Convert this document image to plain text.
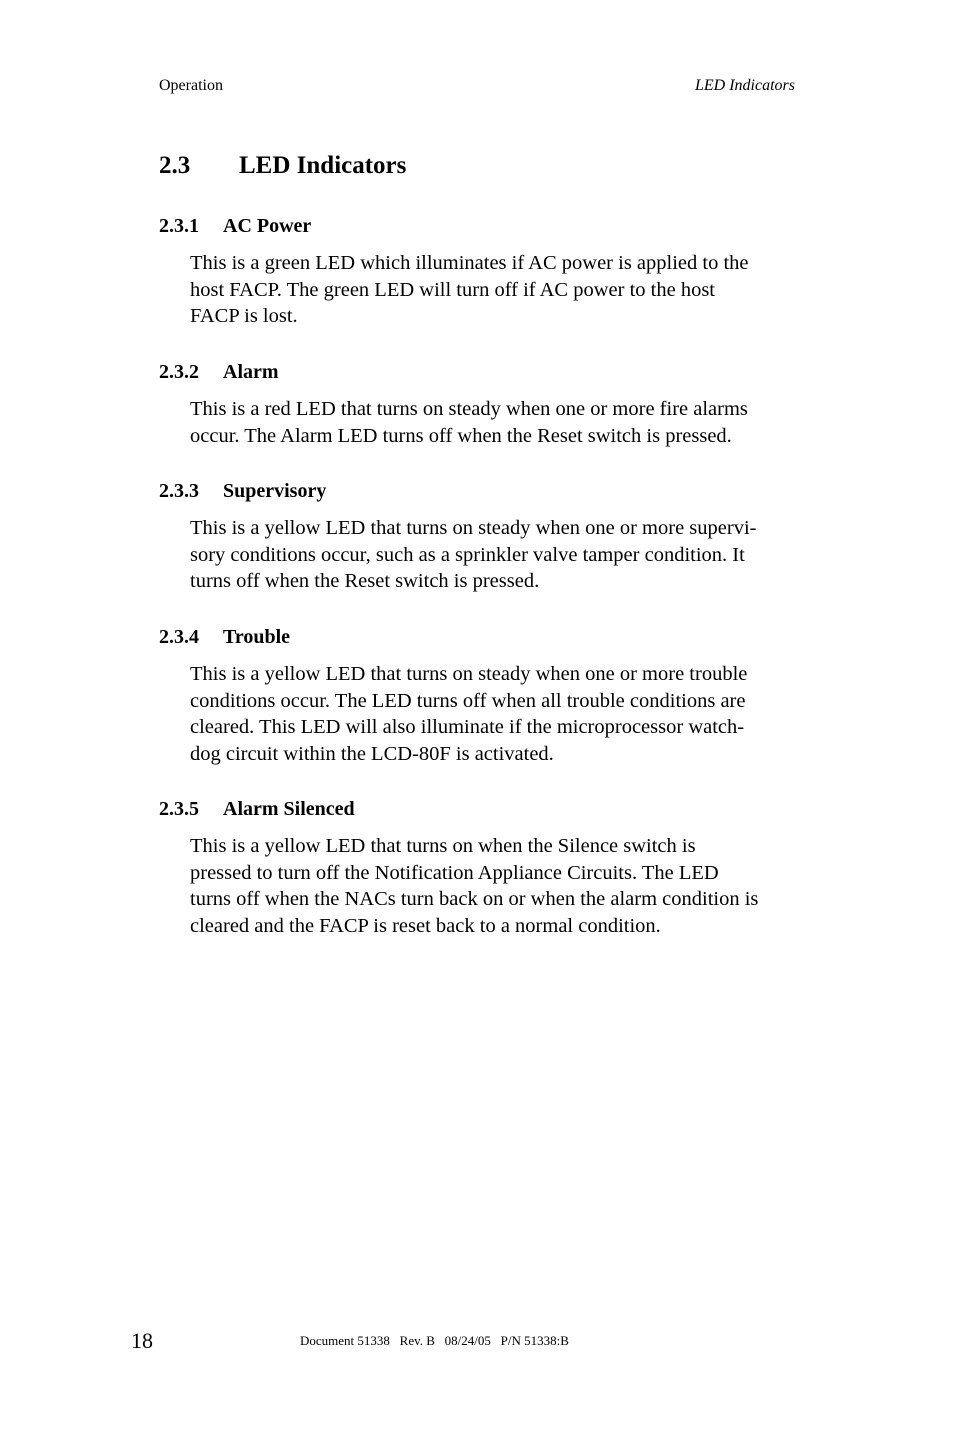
Operation	LED Indicators

2.3 LED Indicators
2.3.1 AC Power
This is a green LED which illuminates if AC power is applied to the
host FACP. The green LED will turn off if AC power to the host
FACP is lost.
2.3.2 Alarm
This is a red LED that turns on steady when one or more fire alarms
occur. The Alarm LED turns off when the Reset switch is pressed.
2.3.3 Supervisory
This is a yellow LED that turns on steady when one or more supervi-
sory conditions occur, such as a sprinkler valve tamper condition. It
turns off when the Reset switch is pressed.
2.3.4 Trouble
This is a yellow LED that turns on steady when one or more trouble
conditions occur. The LED turns off when all trouble conditions are
cleared. This LED will also illuminate if the microprocessor watch-
dog circuit within the LCD-80F is activated.
2.3.5 Alarm Silenced
This is a yellow LED that turns on when the Silence switch is
pressed to turn off the Notification Appliance Circuits. The LED
turns off when the NACs turn back on or when the alarm condition is
cleared and the FACP is reset back to a normal condition.

18	Document 51338   Rev. B   08/24/05   P/N 51338:B
